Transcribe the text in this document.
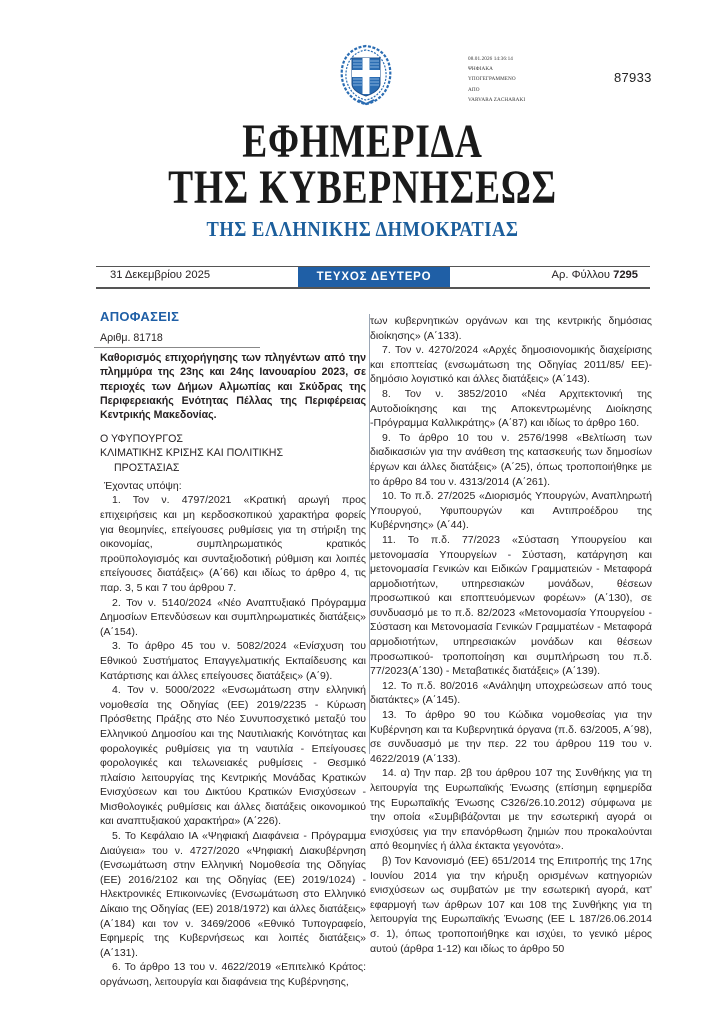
08.01.2026 14:36:14
ΨΗΦΙΑΚΑ
ΥΠΟΓΕΓΡΑΜΜΕΝΟ
ΑΠΟ
VARVARA ZACHARAKI
87933
ΕΦΗΜΕΡΙΔΑ
ΤΗΣ ΚΥΒΕΡΝΗΣΕΩΣ
ΤΗΣ ΕΛΛΗΝΙΚΗΣ ΔΗΜΟΚΡΑΤΙΑΣ
31 Δεκεμβρίου 2025	ΤΕΥΧΟΣ ΔΕΥΤΕΡΟ	Αρ. Φύλλου 7295
ΑΠΟΦΑΣΕΙΣ
Αριθμ. 81718
Καθορισμός επιχορήγησης των πληγέντων από την πλημμύρα της 23ης και 24ης Ιανουαρίου 2023, σε περιοχές των Δήμων Αλμωπίας και Σκύδρας της Περιφερειακής Ενότητας Πέλλας της Περιφέρειας Κεντρικής Μακεδονίας.
Ο ΥΦΥΠΟΥΡΓΟΣ
ΚΛΙΜΑΤΙΚΗΣ ΚΡΙΣΗΣ ΚΑΙ ΠΟΛΙΤΙΚΗΣ
ΠΡΟΣΤΑΣΙΑΣ

Έχοντας υπόψη:

1. Τον ν. 4797/2021 «Κρατική αρωγή προς επιχειρήσεις και μη κερδοσκοπικού χαρακτήρα φορείς για θεομηνίες, επείγουσες ρυθμίσεις για τη στήριξη της οικονομίας, συμπληρωματικός κρατικός προϋπολογισμός και συνταξιοδοτική ρύθμιση και λοιπές επείγουσες διατάξεις» (Α΄66) και ιδίως το άρθρο 4, τις παρ. 3, 5 και 7 του άρθρου 7.

2. Τον ν. 5140/2024 «Νέο Αναπτυξιακό Πρόγραμμα Δημοσίων Επενδύσεων και συμπληρωματικές διατάξεις» (Α΄154).

3. Το άρθρο 45 του ν. 5082/2024 «Ενίσχυση του Εθνικού Συστήματος Επαγγελματικής Εκπαίδευσης και Κατάρτισης και άλλες επείγουσες διατάξεις» (Α΄9).

4. Τον ν. 5000/2022 «Ενσωμάτωση στην ελληνική νομοθεσία της Οδηγίας (ΕΕ) 2019/2235 - Κύρωση Πρόσθετης Πράξης στο Νέο Συνυποσχετικό μεταξύ του Ελληνικού Δημοσίου και της Ναυτιλιακής Κοινότητας και φορολογικές ρυθμίσεις για τη ναυτιλία - Επείγουσες φορολογικές και τελωνειακές ρυθμίσεις - Θεσμικό πλαίσιο λειτουργίας της Κεντρικής Μονάδας Κρατικών Ενισχύσεων και του Δικτύου Κρατικών Ενισχύσεων - Μισθολογικές ρυθμίσεις και άλλες διατάξεις οικονομικού και αναπτυξιακού χαρακτήρα» (Α΄226).

5. Το Κεφάλαιο ΙΑ «Ψηφιακή Διαφάνεια - Πρόγραμμα Διαύγεια» του ν. 4727/2020 «Ψηφιακή Διακυβέρνηση (Ενσωμάτωση στην Ελληνική Νομοθεσία της Οδηγίας (ΕΕ) 2016/2102 και της Οδηγίας (ΕΕ) 2019/1024) - Ηλεκτρονικές Επικοινωνίες (Ενσωμάτωση στο Ελληνικό Δίκαιο της Οδηγίας (ΕΕ) 2018/1972) και άλλες διατάξεις» (Α΄184) και τον ν. 3469/2006 «Εθνικό Τυπογραφείο, Εφημερίς της Κυβερνήσεως και λοιπές διατάξεις» (Α΄131).

6. Το άρθρο 13 του ν. 4622/2019 «Επιτελικό Κράτος: οργάνωση, λειτουργία και διαφάνεια της Κυβέρνησης,

των κυβερνητικών οργάνων και της κεντρικής δημόσιας διοίκησης» (Α΄133).

7. Τον ν. 4270/2024 «Αρχές δημοσιονομικής διαχείρισης και εποπτείας (ενσωμάτωση της Οδηγίας 2011/85/ ΕΕ)- δημόσιο λογιστικό και άλλες διατάξεις» (Α΄143).

8. Τον ν. 3852/2010 «Νέα Αρχιτεκτονική της Αυτοδιοίκησης και της Αποκεντρωμένης Διοίκησης -Πρόγραμμα Καλλικράτης» (Α΄87) και ιδίως το άρθρο 160.

9. Το άρθρο 10 του ν. 2576/1998 «Βελτίωση των διαδικασιών για την ανάθεση της κατασκευής των δημοσίων έργων και άλλες διατάξεις» (Α΄25), όπως τροποποιήθηκε με το άρθρο 84 του ν. 4313/2014 (Α΄261).

10. Το π.δ. 27/2025 «Διορισμός Υπουργών, Αναπληρωτή Υπουργού, Υφυπουργών και Αντιπροέδρου της Κυβέρνησης» (Α΄44).

11. Το π.δ. 77/2023 «Σύσταση Υπουργείου και μετονομασία Υπουργείων - Σύσταση, κατάργηση και μετονομασία Γενικών και Ειδικών Γραμματειών - Μεταφορά αρμοδιοτήτων, υπηρεσιακών μονάδων, θέσεων προσωπικού και εποπτευόμενων φορέων» (Α΄130), σε συνδυασμό με το π.δ. 82/2023 «Μετονομασία Υπουργείου - Σύσταση και Μετονομασία Γενικών Γραμματέων - Μεταφορά αρμοδιοτήτων, υπηρεσιακών μονάδων και θέσεων προσωπικού- τροποποίηση και συμπλήρωση του π.δ. 77/2023(Α΄130) - Μεταβατικές διατάξεις» (Α΄139).

12. Το π.δ. 80/2016 «Ανάληψη υποχρεώσεων από τους διατάκτες» (Α΄145).

13. Το άρθρο 90 του Κώδικα νομοθεσίας για την Κυβέρνηση και τα Κυβερνητικά όργανα (π.δ. 63/2005, Α΄98), σε συνδυασμό με την περ. 22 του άρθρου 119 του ν. 4622/2019 (Α΄133).

14. α) Την παρ. 2β του άρθρου 107 της Συνθήκης για τη λειτουργία της Ευρωπαϊκής Ένωσης (επίσημη εφημερίδα της Ευρωπαϊκής Ένωσης C326/26.10.2012) σύμφωνα με την οποία «Συμβιβάζονται με την εσωτερική αγορά οι ενισχύσεις για την επανόρθωση ζημιών που προκαλούνται από θεομηνίες ή άλλα έκτακτα γεγονότα».

β) Τον Κανονισμό (ΕΕ) 651/2014 της Επιτροπής της 17ης Ιουνίου 2014 για την κήρυξη ορισμένων κατηγοριών ενισχύσεων ως συμβατών με την εσωτερική αγορά, κατ' εφαρμογή των άρθρων 107 και 108 της Συνθήκης για τη λειτουργία της Ευρωπαϊκής Ένωσης (EE L 187/26.06.2014 σ. 1), όπως τροποποιήθηκε και ισχύει, το γενικό μέρος αυτού (άρθρα 1-12) και ιδίως το άρθρο 50
